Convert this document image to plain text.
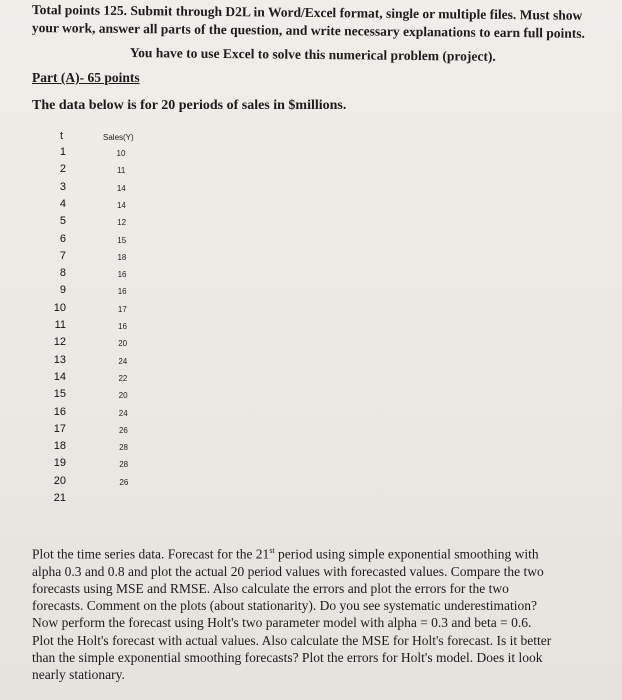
Total points 125. Submit through D2L in Word/Excel format, single or multiple files. Must show
your work, answer all parts of the question, and write necessary explanations to earn full points.
You have to use Excel to solve this numerical problem (project).
Part (A)- 65 points
The data below is for 20 periods of sales in $millions.
t	Sales(Y)
1	10
2	11
3	14
4	14
5	12
6	15
7	18
8	16
9	16
10	17
11	16
12	20
13	24
14	22
15	20
16	24
17	26
18	28
19	28
20	26
21
Plot the time series data. Forecast for the 21st period using simple exponential smoothing with
alpha 0.3 and 0.8 and plot the actual 20 period values with forecasted values. Compare the two
forecasts using MSE and RMSE. Also calculate the errors and plot the errors for the two
forecasts. Comment on the plots (about stationarity). Do you see systematic underestimation?
Now perform the forecast using Holt's two parameter model with alpha = 0.3 and beta = 0.6.
Plot the Holt's forecast with actual values. Also calculate the MSE for Holt's forecast. Is it better
than the simple exponential smoothing forecasts? Plot the errors for Holt's model. Does it look
nearly stationary.
